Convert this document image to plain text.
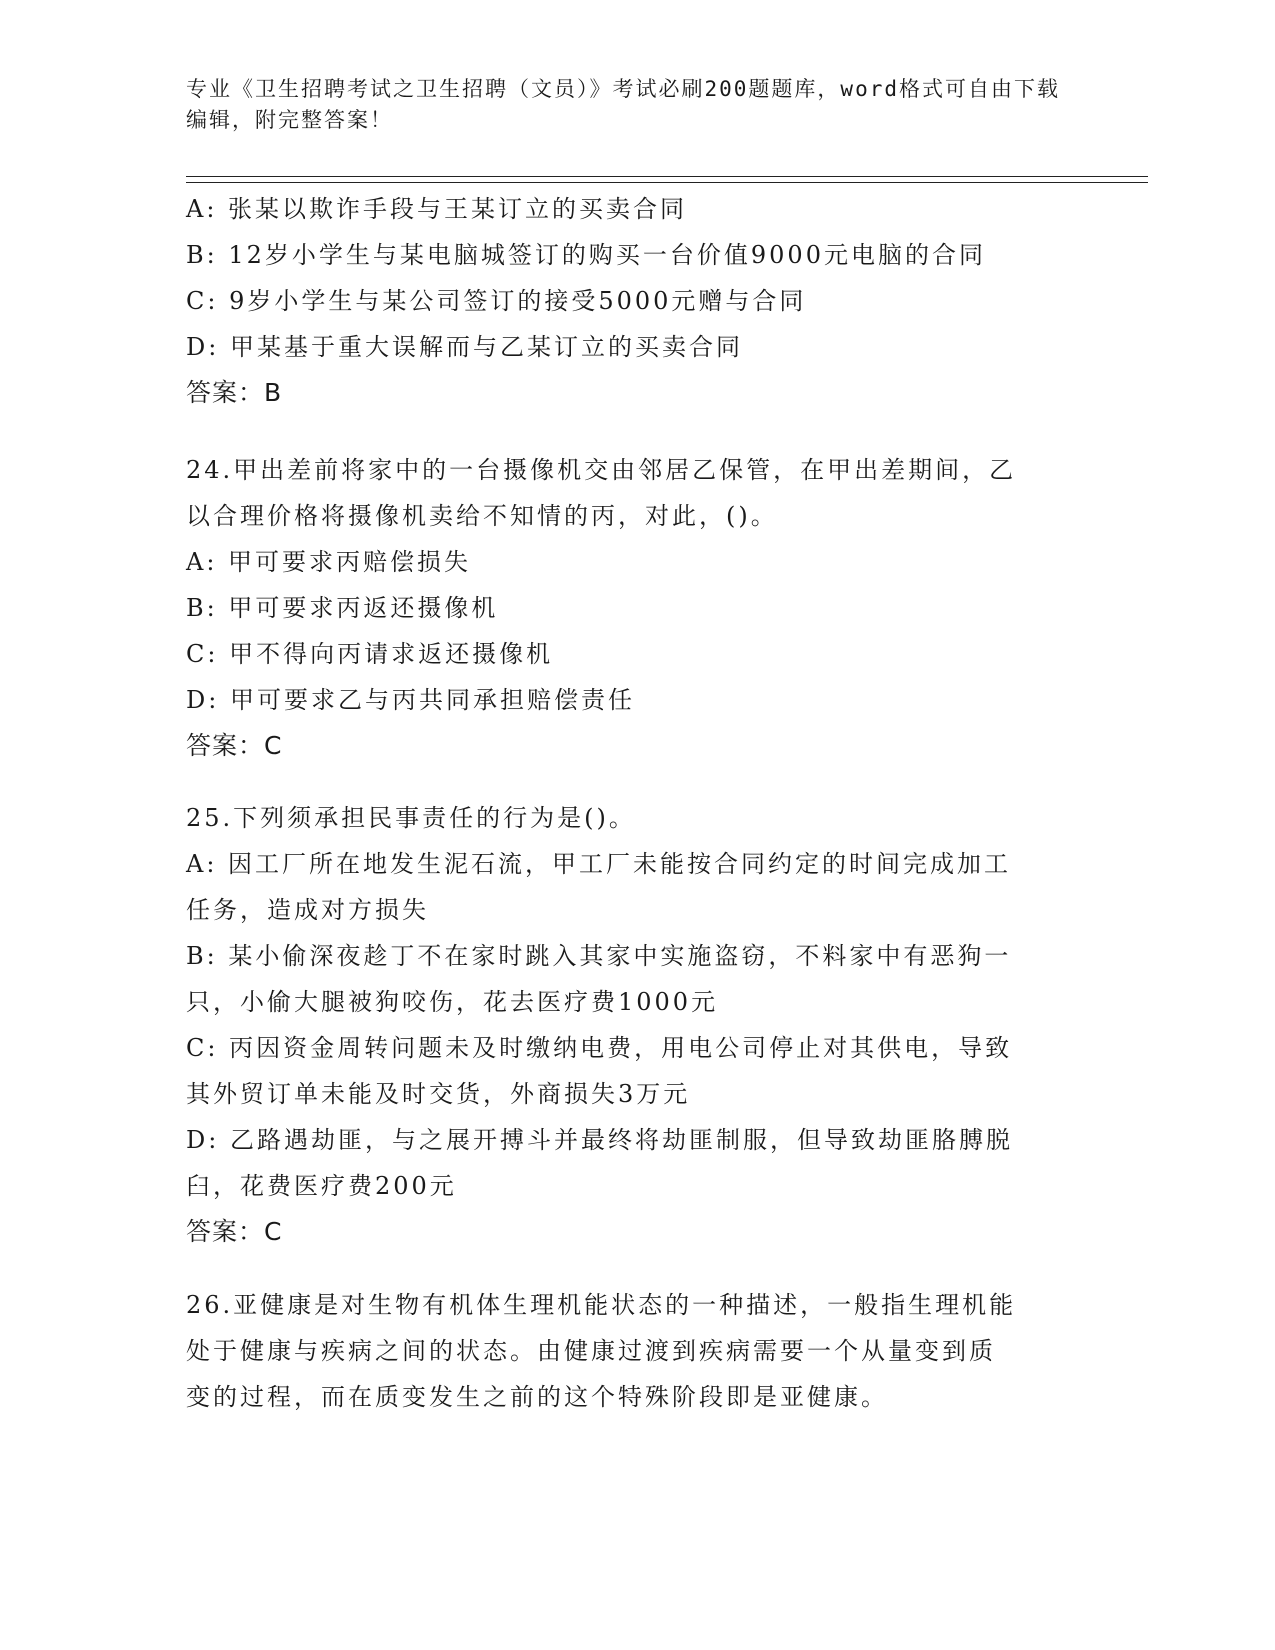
专业《卫生招聘考试之卫生招聘（文员）》考试必刷200题题库，word格式可自由下载编辑，附完整答案！

A: 张某以欺诈手段与王某订立的买卖合同

B: 12岁小学生与某电脑城签订的购买一台价值9000元电脑的合同

C: 9岁小学生与某公司签订的接受5000元赠与合同

D: 甲某基于重大误解而与乙某订立的买卖合同

答案：B

24.甲出差前将家中的一台摄像机交由邻居乙保管，在甲出差期间，乙

以合理价格将摄像机卖给不知情的丙，对此，()。

A: 甲可要求丙赔偿损失

B: 甲可要求丙返还摄像机

C: 甲不得向丙请求返还摄像机

D: 甲可要求乙与丙共同承担赔偿责任

答案：C

25.下列须承担民事责任的行为是()。

A: 因工厂所在地发生泥石流，甲工厂未能按合同约定的时间完成加工

任务，造成对方损失

B: 某小偷深夜趁丁不在家时跳入其家中实施盗窃，不料家中有恶狗一

只，小偷大腿被狗咬伤，花去医疗费1000元

C: 丙因资金周转问题未及时缴纳电费，用电公司停止对其供电，导致

其外贸订单未能及时交货，外商损失3万元

D: 乙路遇劫匪，与之展开搏斗并最终将劫匪制服，但导致劫匪胳膊脱

臼，花费医疗费200元

答案：C

26.亚健康是对生物有机体生理机能状态的一种描述，一般指生理机能

处于健康与疾病之间的状态。由健康过渡到疾病需要一个从量变到质

变的过程，而在质变发生之前的这个特殊阶段即是亚健康。
